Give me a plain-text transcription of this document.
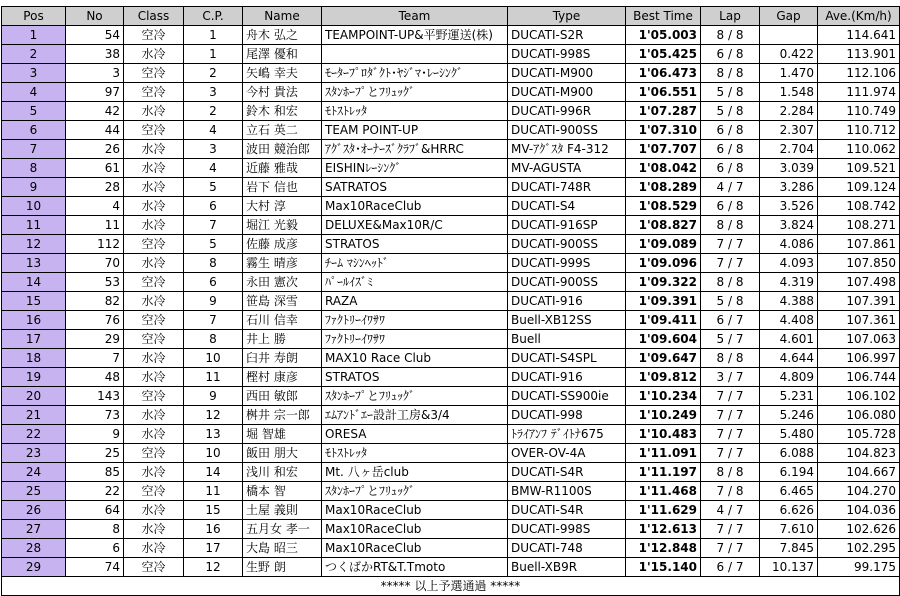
Pos	No	Class	C.P.	Name	Team	Type	Best Time	Lap	Gap	Ave.(Km/h)
1	54	空冷	1	舟木 弘之	TEAMPOINT-UP&平野運送(株)	DUCATI-S2R	1'05.003	8 / 8		114.641
2	38	水冷	1	尾澤 優和		DUCATI-998S	1'05.425	6 / 8	0.422	113.901
3	3	空冷	2	矢嶋 幸夫	ﾓｰﾀｰﾌﾟﾛﾀﾞｸﾄ･ﾔｼﾞﾏ･ﾚｰｼﾝｸﾞ	DUCATI-M900	1'06.473	8 / 8	1.470	112.106
4	97	空冷	3	今村 貴法	ｽﾀﾝﾎｰﾌﾟとﾌﾘｭｯｸﾞ	DUCATI-M900	1'06.551	5 / 8	1.548	111.974
5	42	水冷	2	鈴木 和宏	ﾓﾄｽﾄﾚｯﾀ	DUCATI-996R	1'07.287	5 / 8	2.284	110.749
6	44	空冷	4	立石 英二	TEAM POINT-UP	DUCATI-900SS	1'07.310	6 / 8	2.307	110.712
7	26	水冷	3	波田 競治郎	ｱｸﾞｽﾀ･ｵｰﾅｰｽﾞｸﾗﾌﾞ&HRRC	MV-ｱｸﾞｽﾀ F4-312	1'07.707	6 / 8	2.704	110.062
8	61	水冷	4	近藤 雅哉	EISHINﾚｰｼﾝｸﾞ	MV-AGUSTA	1'08.042	6 / 8	3.039	109.521
9	28	水冷	5	岩下 信也	SATRATOS	DUCATI-748R	1'08.289	4 / 7	3.286	109.124
10	4	水冷	6	大村 淳	Max10RaceClub	DUCATI-S4	1'08.529	6 / 8	3.526	108.742
11	11	水冷	7	堀江 光毅	DELUXE&Max10R/C	DUCATI-916SP	1'08.827	8 / 8	3.824	108.271
12	112	空冷	5	佐藤 成彦	STRATOS	DUCATI-900SS	1'09.089	7 / 7	4.086	107.861
13	70	水冷	8	霧生 晴彦	ﾁｰﾑ ﾏｼﾝﾍｯﾄﾞ	DUCATI-999S	1'09.096	7 / 7	4.093	107.850
14	53	空冷	6	永田 憲次	ﾊﾟｰﾙｲｽﾞﾐ	DUCATI-900SS	1'09.322	8 / 8	4.319	107.498
15	82	水冷	9	笹島 深雪	RAZA	DUCATI-916	1'09.391	5 / 8	4.388	107.391
16	76	空冷	7	石川 信幸	ﾌｧｸﾄﾘｰｲﾜｻﾜ	Buell-XB12SS	1'09.411	6 / 7	4.408	107.361
17	29	空冷	8	井上 勝	ﾌｧｸﾄﾘｰｲﾜｻﾜ	Buell	1'09.604	5 / 7	4.601	107.063
18	7	水冷	10	臼井 寿朗	MAX10 Race Club	DUCATI-S4SPL	1'09.647	8 / 8	4.644	106.997
19	48	水冷	11	樫村 康彦	STRATOS	DUCATI-916	1'09.812	3 / 7	4.809	106.744
20	143	空冷	9	西田 敏郎	ｽﾀﾝﾎｰﾌﾟとﾌﾘｭｯｸﾞ	DUCATI-SS900ie	1'10.234	7 / 7	5.231	106.102
21	73	水冷	12	桝井 宗一郎	ｴﾑｱﾝﾄﾞｴｰ設計工房&3/4	DUCATI-998	1'10.249	7 / 7	5.246	106.080
22	9	水冷	13	堀 智雄	ORESA	ﾄﾗｲｱﾝﾌ ﾃﾞｲﾄﾅ675	1'10.483	7 / 7	5.480	105.728
23	25	空冷	10	飯田 朋大	ﾓﾄｽﾄﾚｯﾀ	OVER-OV-4A	1'11.091	7 / 7	6.088	104.823
24	85	水冷	14	浅川 和宏	Mt. 八ヶ岳club	DUCATI-S4R	1'11.197	8 / 8	6.194	104.667
25	22	空冷	11	橋本 智	ｽﾀﾝﾎｰﾌﾟとﾌﾘｭｯｸﾞ	BMW-R1100S	1'11.468	7 / 8	6.465	104.270
26	64	水冷	15	土屋 義則	Max10RaceClub	DUCATI-S4R	1'11.629	4 / 7	6.626	104.036
27	8	水冷	16	五月女 孝一	Max10RaceClub	DUCATI-998S	1'12.613	7 / 7	7.610	102.626
28	6	水冷	17	大島 昭三	Max10RaceClub	DUCATI-748	1'12.848	7 / 7	7.845	102.295
29	74	空冷	12	生野 朗	つくばかRT&T.Tmoto	Buell-XB9R	1'15.140	6 / 7	10.137	99.175
***** 以上予選通過 *****										
